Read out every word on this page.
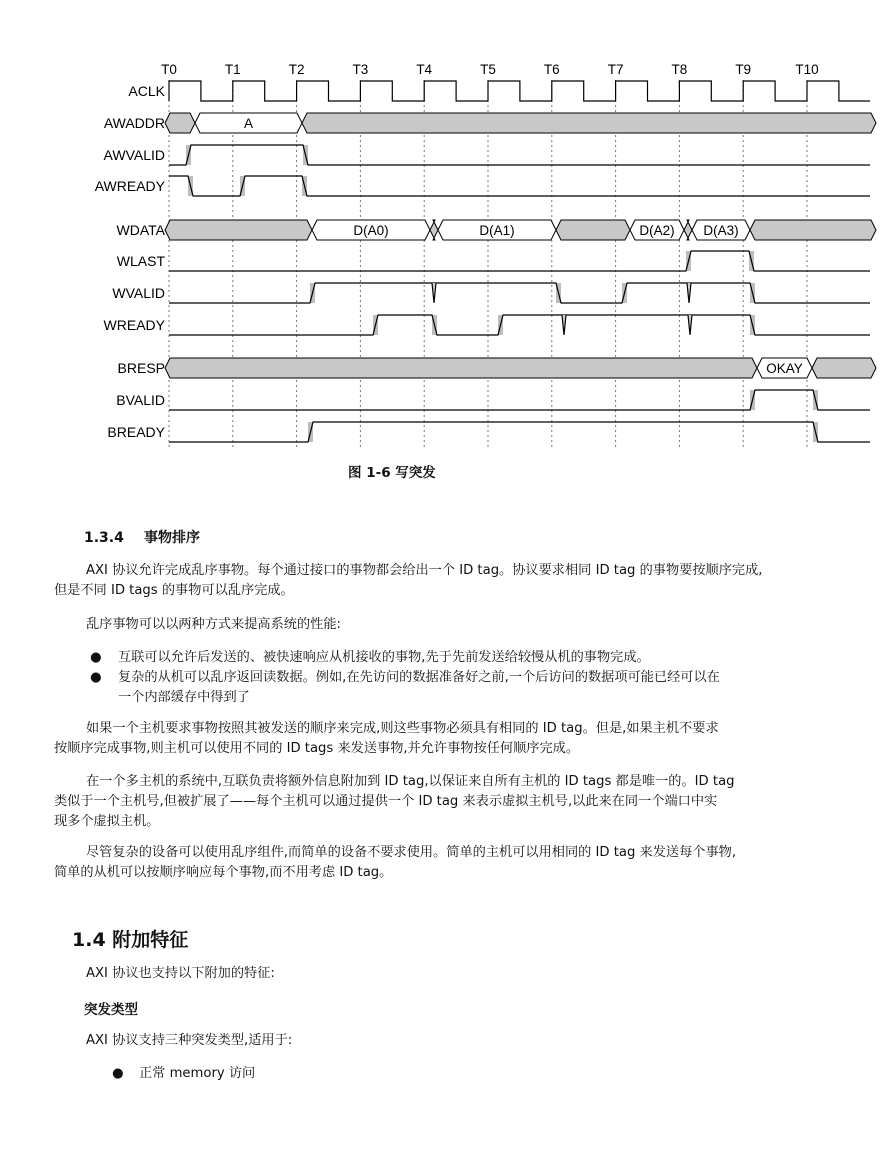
T0	T1	T2	T3	T4	T5	T6	T7	T8	T9	T10
ACLK
AWADDR
AWVALID
AWREADY
WDATA
WLAST
WVALID
WREADY
BRESP
BVALID
BREADY
A
D(A0)	D(A1)	D(A2) D(A3)
OKAY
图 1-6 写突发
1.3.4 事物排序
AXI 协议允许完成乱序事物。每个通过接口的事物都会给出一个 ID tag。协议要求相同 ID tag 的事物要按顺序完成,
但是不同 ID tags 的事物可以乱序完成。
乱序事物可以以两种方式来提高系统的性能:
●	互联可以允许后发送的、被快速响应从机接收的事物,先于先前发送给较慢从机的事物完成。
●	复杂的从机可以乱序返回读数据。例如,在先访问的数据准备好之前,一个后访问的数据项可能已经可以在
一个内部缓存中得到了
如果一个主机要求事物按照其被发送的顺序来完成,则这些事物必须具有相同的 ID tag。但是,如果主机不要求
按顺序完成事物,则主机可以使用不同的 ID tags 来发送事物,并允许事物按任何顺序完成。
在一个多主机的系统中,互联负责将额外信息附加到 ID tag,以保证来自所有主机的 ID tags 都是唯一的。ID tag
类似于一个主机号,但被扩展了——每个主机可以通过提供一个 ID tag 来表示虚拟主机号,以此来在同一个端口中实
现多个虚拟主机。
尽管复杂的设备可以使用乱序组件,而简单的设备不要求使用。简单的主机可以用相同的 ID tag 来发送每个事物,
简单的从机可以按顺序响应每个事物,而不用考虑 ID tag。
1.4 附加特征
AXI 协议也支持以下附加的特征:
突发类型
AXI 协议支持三种突发类型,适用于:
●	正常 memory 访问
